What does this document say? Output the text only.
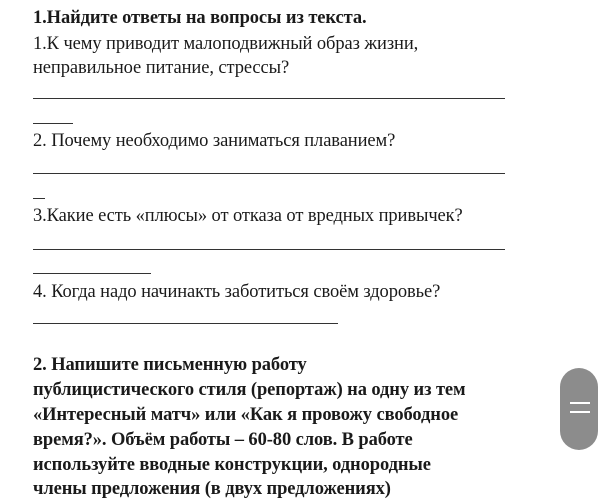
1.Найдите ответы на вопросы из текста.
1.К чему приводит малоподвижный образ жизни,
неправильное питание, стрессы?
2. Почему необходимо заниматься плаванием?
3.Какие есть «плюсы» от отказа от вредных привычек?
4. Когда надо начинакть заботиться своём здоровье?
2. Напишите письменную работу
публицистического стиля (репортаж) на одну из тем
«Интересный матч» или «Как я провожу свободное
время?». Объём работы – 60-80 слов. В работе
используйте вводные конструкции, однородные
члены предложения (в двух предложениях)
